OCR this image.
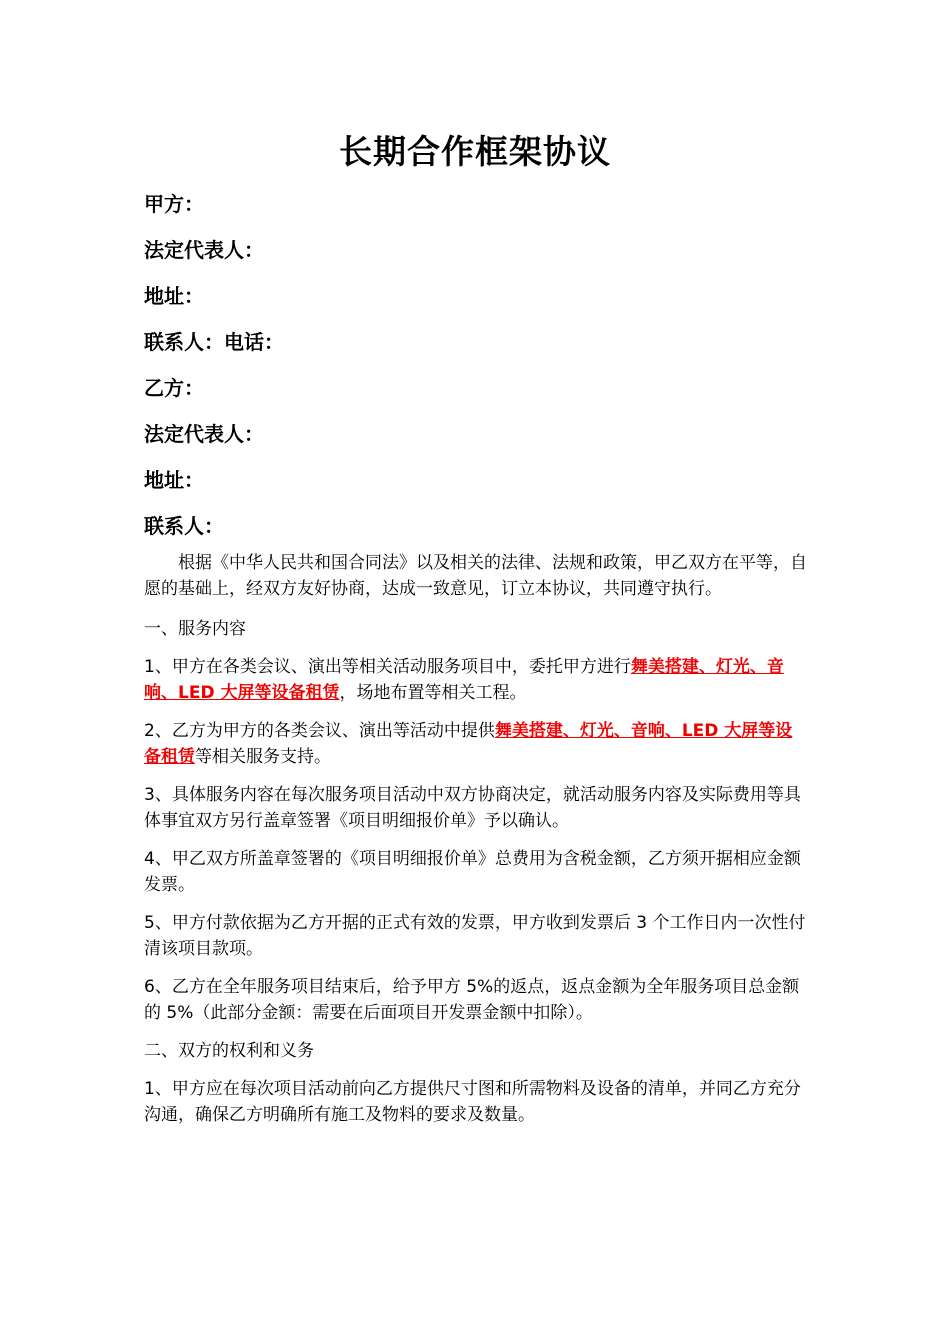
长期合作框架协议
甲方：
法定代表人：
地址：
联系人：电话：
乙方：
法定代表人：
地址：
联系人：

根据《中华人民共和国合同法》以及相关的法律、法规和政策，甲乙双方在平等，自愿的基础上，经双方友好协商，达成一致意见，订立本协议，共同遵守执行。

一、服务内容

1、甲方在各类会议、演出等相关活动服务项目中，委托甲方进行舞美搭建、灯光、音响、LED 大屏等设备租赁，场地布置等相关工程。

2、乙方为甲方的各类会议、演出等活动中提供舞美搭建、灯光、音响、LED 大屏等设备租赁等相关服务支持。

3、具体服务内容在每次服务项目活动中双方协商决定，就活动服务内容及实际费用等具体事宜双方另行盖章签署《项目明细报价单》予以确认。

4、甲乙双方所盖章签署的《项目明细报价单》总费用为含税金额，乙方须开据相应金额发票。

5、甲方付款依据为乙方开据的正式有效的发票，甲方收到发票后 3 个工作日内一次性付清该项目款项。

6、乙方在全年服务项目结束后，给予甲方 5%的返点，返点金额为全年服务项目总金额的 5%（此部分金额：需要在后面项目开发票金额中扣除）。

二、双方的权利和义务

1、甲方应在每次项目活动前向乙方提供尺寸图和所需物料及设备的清单，并同乙方充分沟通，确保乙方明确所有施工及物料的要求及数量。
